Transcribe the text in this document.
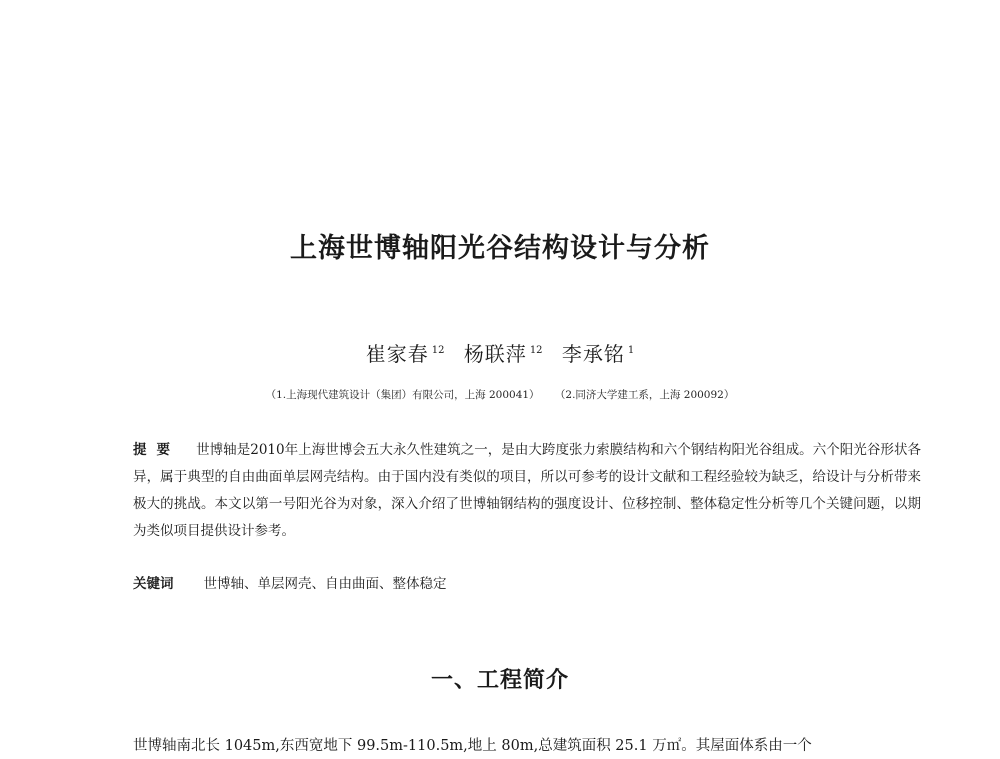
上海世博轴阳光谷结构设计与分析
崔家春 $^{12}$ 杨联萍 $^{12}$ 李承铭 $^1$
（1.上海现代建筑设计（集团）有限公司，上海 200041） （2.同济大学建工系，上海 200092）
提要 世博轴是2010年上海世博会五大永久性建筑之一，是由大跨度张力索膜结构和六个钢结构阳光谷组成。六个阳光谷形状各异，属于典型的自由曲面单层网壳结构。由于国内没有类似的项目，所以可参考的设计文献和工程经验较为缺乏，给设计与分析带来极大的挑战。本文以第一号阳光谷为对象，深入介绍了世博轴钢结构的强度设计、位移控制、整体稳定性分析等几个关键问题，以期为类似项目提供设计参考。
关键词 世博轴、单层网壳、自由曲面、整体稳定
一、工程简介
世博轴南北长 1045m,东西宽地下 99.5m-110.5m,地上 80m,总建筑面积 25.1 万㎡。其屋面体系由一个
